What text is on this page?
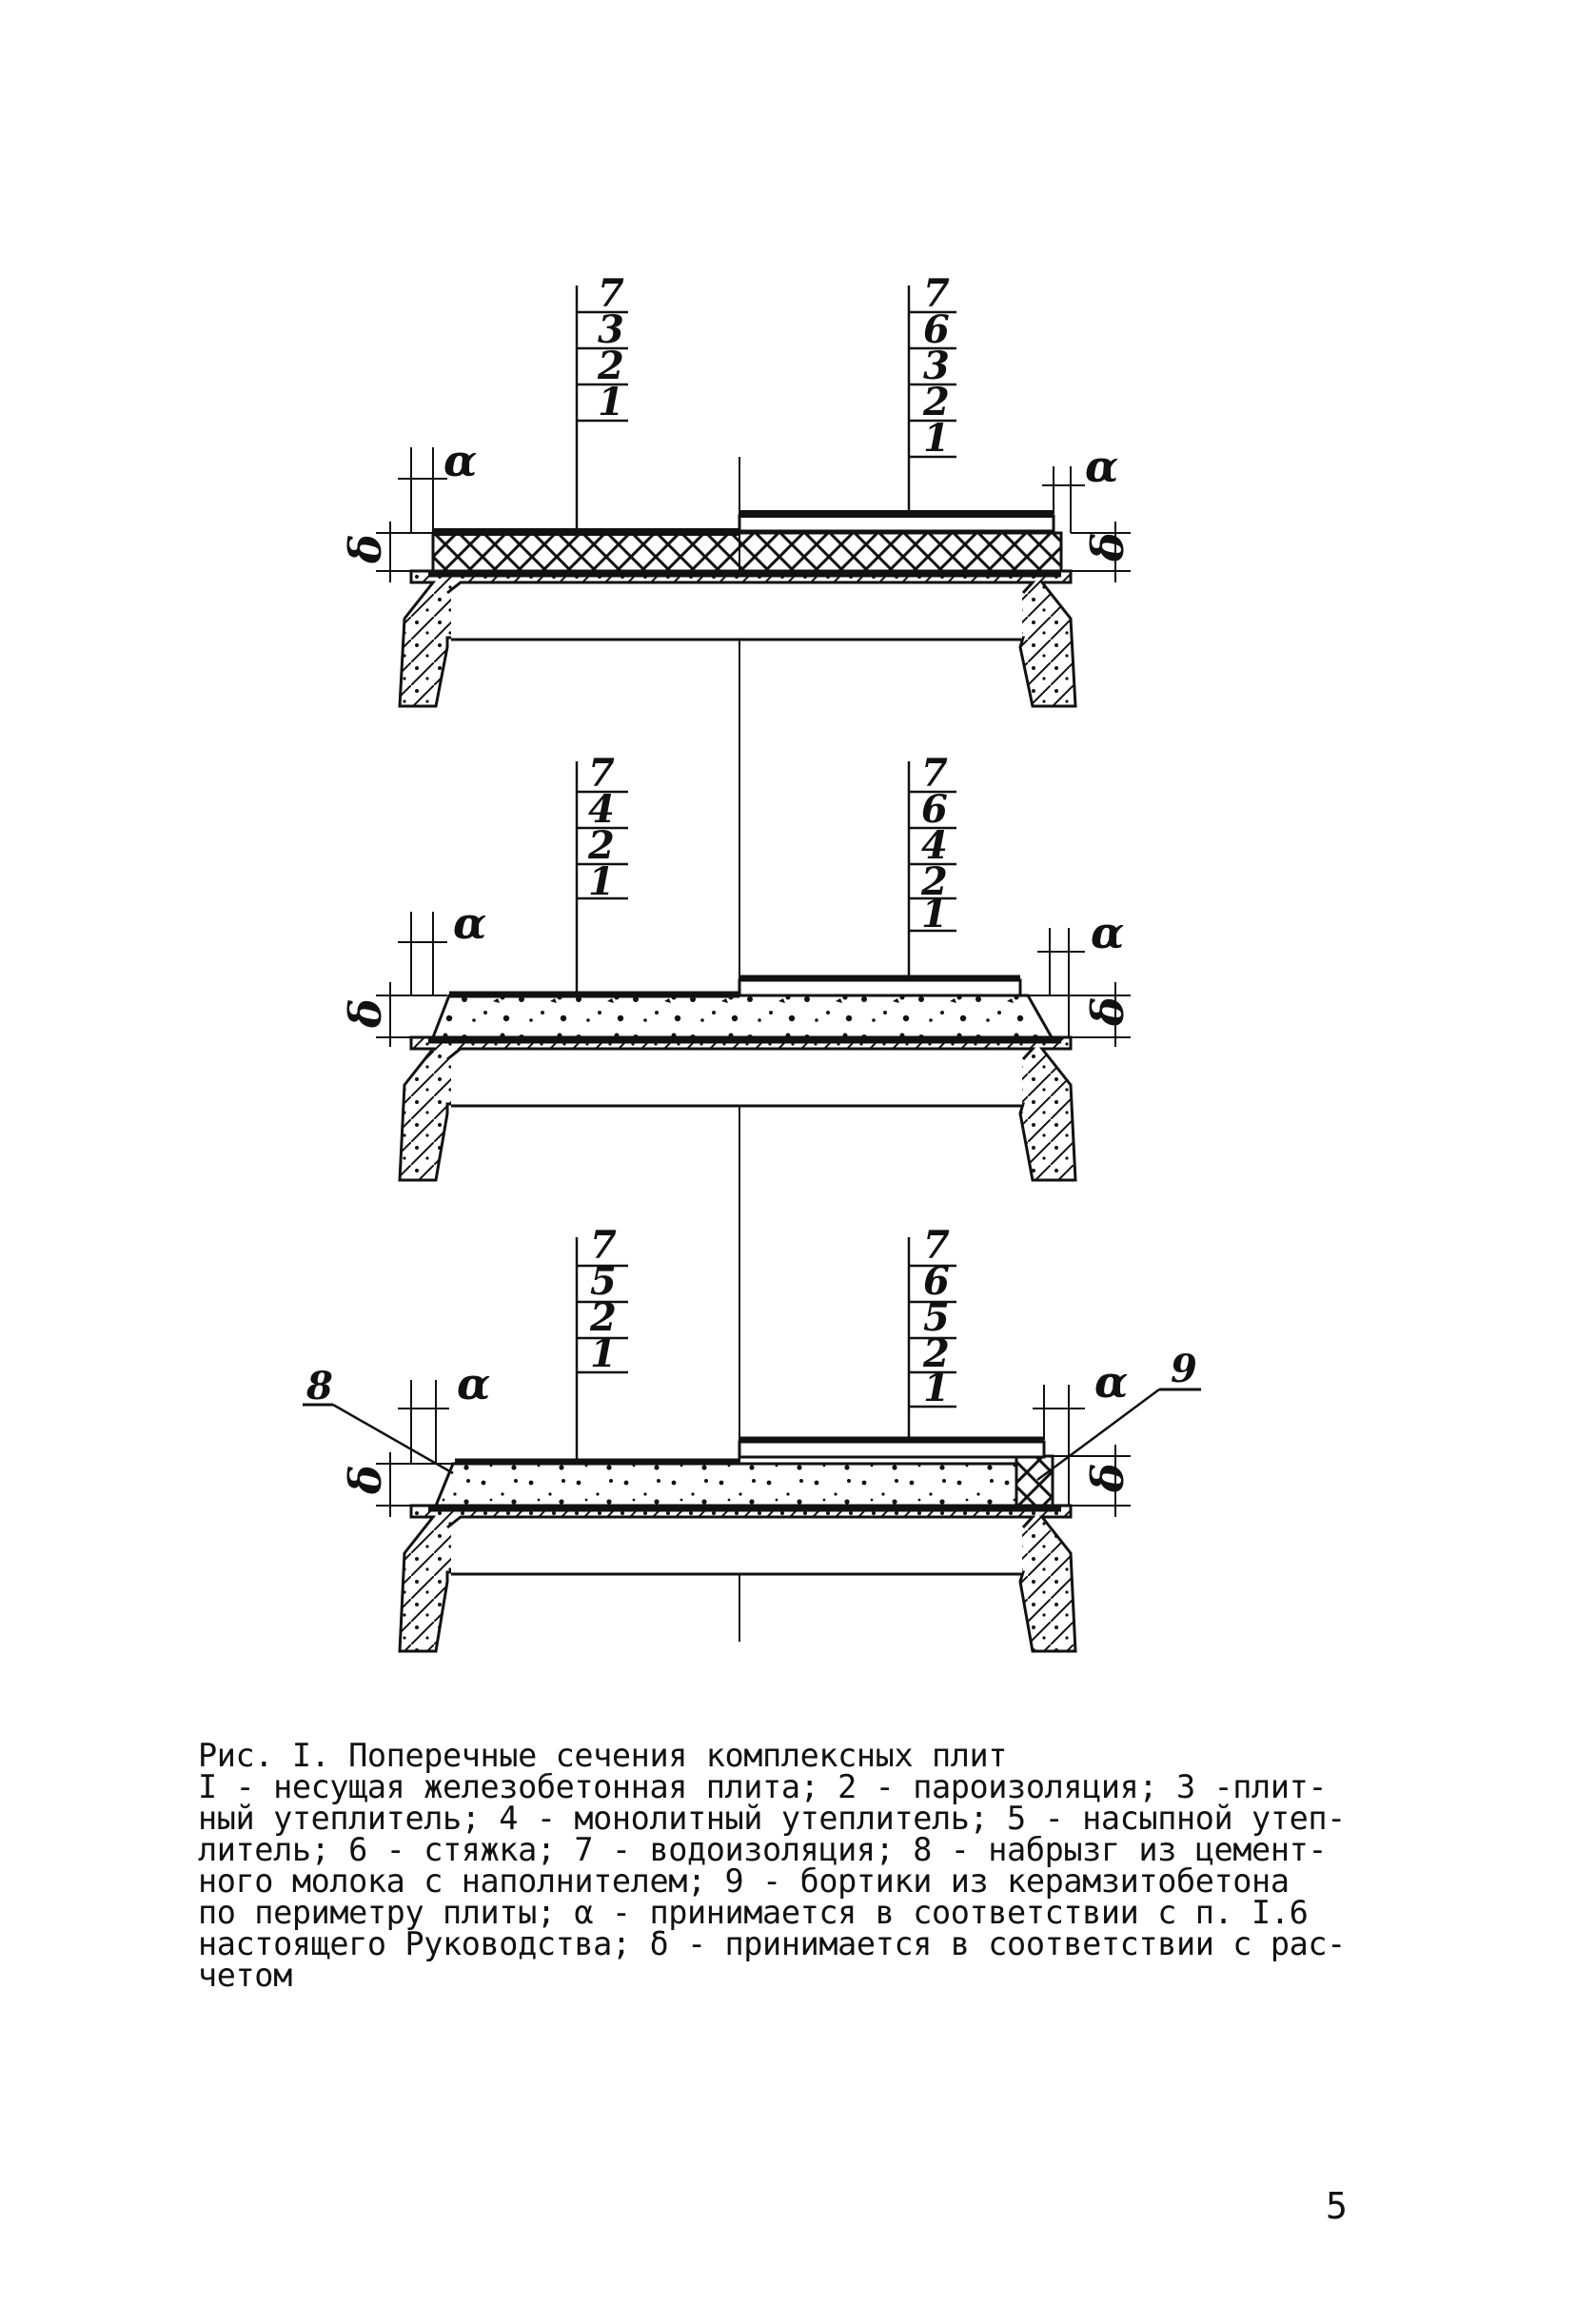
7
3
2
1
7
6
3
2
1
α
δ
α
δ
7
4
2
1
7
6
4
2
1
α
δ
α
δ
7
5
2
1
7
6
5
2
1
8	9
α
δ
α
δ
Рис. I. Поперечные сечения комплексных плит
I - несущая железобетонная плита; 2 - пароизоляция; 3 -плит-
ный утеплитель; 4 - монолитный утеплитель; 5 - насыпной утеп-
литель; 6 - стяжка; 7 - водоизоляция; 8 - набрызг из цемент-
ного молока с наполнителем; 9 - бортики из керамзитобетона
по периметру плиты; α - принимается в соответствии с п. I.6
настоящего Руководства; δ - принимается в соответствии с рас-
четом
5
